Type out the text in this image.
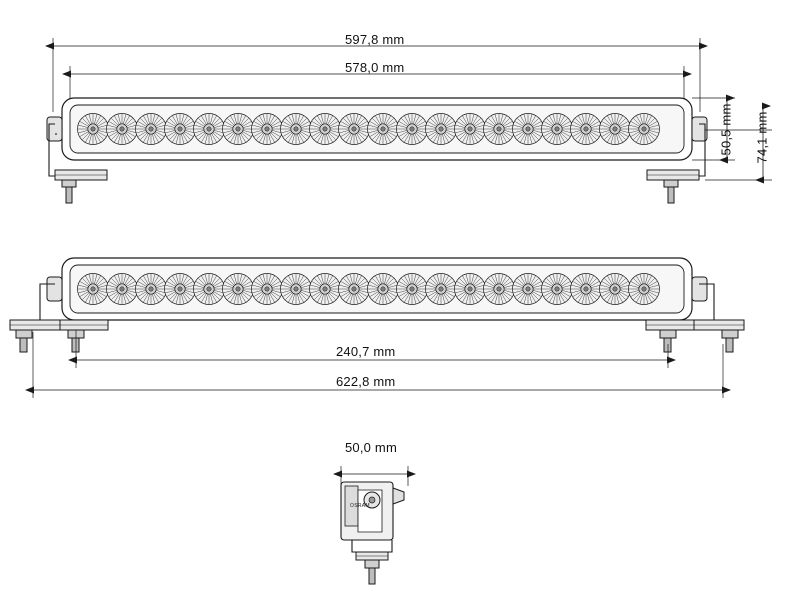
597,8 mm
578,0 mm
50,5 mm 74,1 mm
240,7 mm
622,8 mm
50,0 mm
OSRAM
